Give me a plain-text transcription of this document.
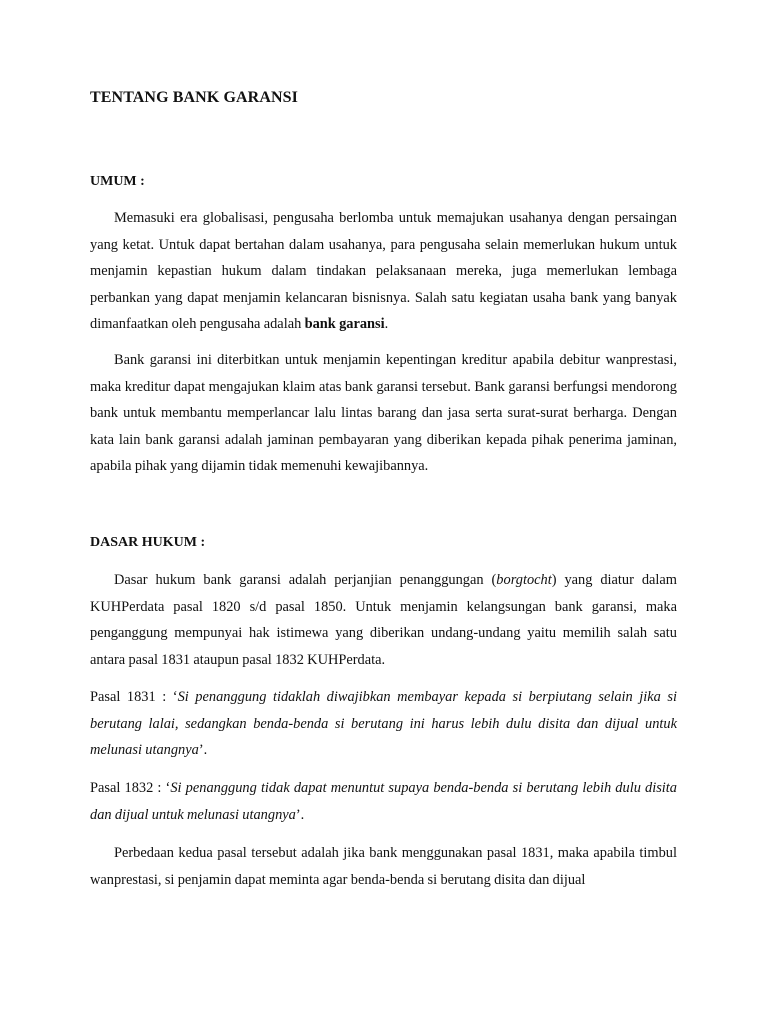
TENTANG BANK GARANSI
UMUM :

Memasuki era globalisasi, pengusaha berlomba untuk memajukan usahanya dengan persaingan yang ketat. Untuk dapat bertahan dalam usahanya, para pengusaha selain memerlukan hukum untuk menjamin kepastian hukum dalam tindakan pelaksanaan mereka, juga memerlukan lembaga perbankan yang dapat menjamin kelancaran bisnisnya. Salah satu kegiatan usaha bank yang banyak dimanfaatkan oleh pengusaha adalah bank garansi.

Bank garansi ini diterbitkan untuk menjamin kepentingan kreditur apabila debitur wanprestasi, maka kreditur dapat mengajukan klaim atas bank garansi tersebut. Bank garansi berfungsi mendorong bank untuk membantu memperlancar lalu lintas barang dan jasa serta surat-surat berharga. Dengan kata lain bank garansi adalah jaminan pembayaran yang diberikan kepada pihak penerima jaminan, apabila pihak yang dijamin tidak memenuhi kewajibannya.

DASAR HUKUM :

Dasar hukum bank garansi adalah perjanjian penanggungan (borgtocht) yang diatur dalam KUHPerdata pasal 1820 s/d pasal 1850. Untuk menjamin kelangsungan bank garansi, maka penganggung mempunyai hak istimewa yang diberikan undang-undang yaitu memilih salah satu antara pasal 1831 ataupun pasal 1832 KUHPerdata.

Pasal 1831 : ‘Si penanggung tidaklah diwajibkan membayar kepada si berpiutang selain jika si berutang lalai, sedangkan benda-benda si berutang ini harus lebih dulu disita dan dijual untuk melunasi utangnya’.

Pasal 1832 : ‘Si penanggung tidak dapat menuntut supaya benda-benda si berutang lebih dulu disita dan dijual untuk melunasi utangnya’.

Perbedaan kedua pasal tersebut adalah jika bank menggunakan pasal 1831, maka apabila timbul wanprestasi, si penjamin dapat meminta agar benda-benda si berutang disita dan dijual
